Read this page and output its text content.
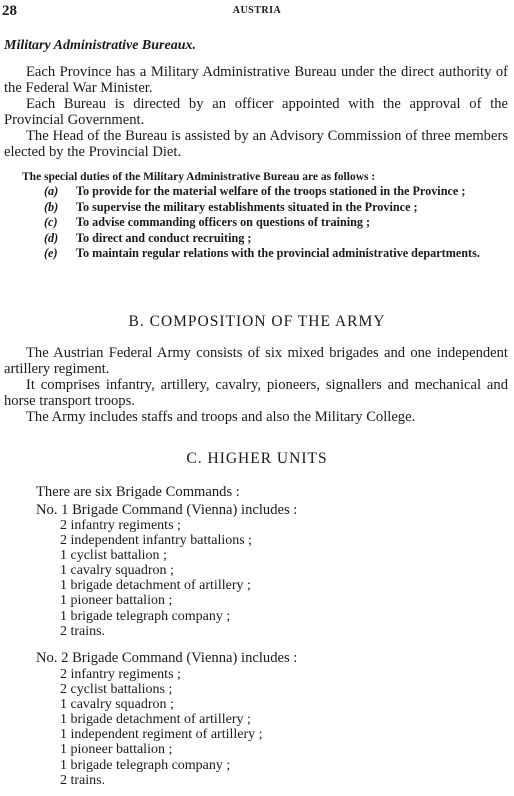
28	AUSTRIA
Military Administrative Bureaux.

Each Province has a Military Administrative Bureau under the direct authority of the Federal War Minister.

Each Bureau is directed by an officer appointed with the approval of the Provincial Government.

The Head of the Bureau is assisted by an Advisory Commission of three members elected by the Provincial Diet.

The special duties of the Military Administrative Bureau are as follows :
(a) To provide for the material welfare of the troops stationed in the Province ;
(b) To supervise the military establishments situated in the Province ;
(c) To advise commanding officers on questions of training ;
(d) To direct and conduct recruiting ;
(e) To maintain regular relations with the provincial administrative departments.
B. COMPOSITION OF THE ARMY

The Austrian Federal Army consists of six mixed brigades and one independent artillery regiment.

It comprises infantry, artillery, cavalry, pioneers, signallers and mechanical and horse transport troops.

The Army includes staffs and troops and also the Military College.

C. HIGHER UNITS
There are six Brigade Commands :
No. 1 Brigade Command (Vienna) includes :
2 infantry regiments ;
2 independent infantry battalions ;
1 cyclist battalion ;
1 cavalry squadron ;
1 brigade detachment of artillery ;
1 pioneer battalion ;
1 brigade telegraph company ;
2 trains.
No. 2 Brigade Command (Vienna) includes :
2 infantry regiments ;
2 cyclist battalions ;
1 cavalry squadron ;
1 brigade detachment of artillery ;
1 independent regiment of artillery ;
1 pioneer battalion ;
1 brigade telegraph company ;
2 trains.
